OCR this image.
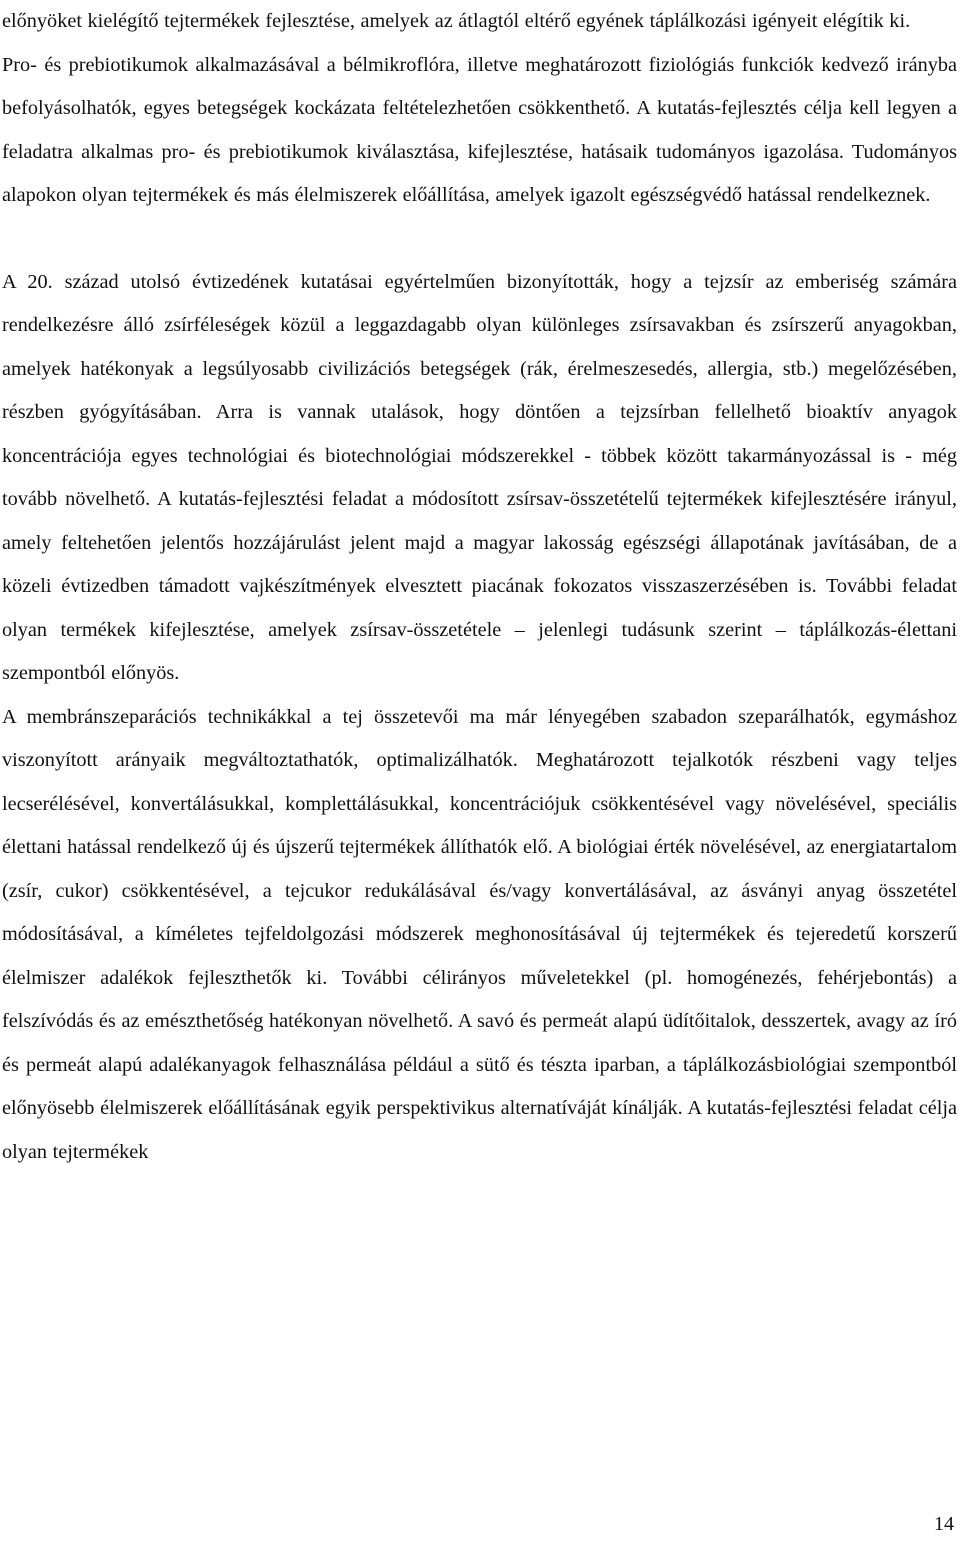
előnyöket kielégítő tejtermékek fejlesztése, amelyek az átlagtól eltérő egyének táplálkozási igényeit elégítik ki.

Pro- és prebiotikumok alkalmazásával a bélmikroflóra, illetve meghatározott fiziológiás funkciók kedvező irányba befolyásolhatók, egyes betegségek kockázata feltételezhetően csökkenthető. A kutatás-fejlesztés célja kell legyen a feladatra alkalmas pro- és prebiotikumok kiválasztása, kifejlesztése, hatásaik tudományos igazolása. Tudományos alapokon olyan tejtermékek és más élelmiszerek előállítása, amelyek igazolt egészségvédő hatással rendelkeznek.

A 20. század utolsó évtizedének kutatásai egyértelműen bizonyították, hogy a tejzsír az emberiség számára rendelkezésre álló zsírféleségek közül a leggazdagabb olyan különleges zsírsavakban és zsírszerű anyagokban, amelyek hatékonyak a legsúlyosabb civilizációs betegségek (rák, érelmeszesedés, allergia, stb.) megelőzésében, részben gyógyításában. Arra is vannak utalások, hogy döntően a tejzsírban fellelhető bioaktív anyagok koncentrációja egyes technológiai és biotechnológiai módszerekkel - többek között takarmányozással is - még tovább növelhető. A kutatás-fejlesztési feladat a módosított zsírsav-összetételű tejtermékek kifejlesztésére irányul, amely feltehetően jelentős hozzájárulást jelent majd a magyar lakosság egészségi állapotának javításában, de a közeli évtizedben támadott vajkészítmények elvesztett piacának fokozatos visszaszerzésében is. További feladat olyan termékek kifejlesztése, amelyek zsírsav-összetétele – jelenlegi tudásunk szerint – táplálkozás-élettani szempontból előnyös.

A membránszeparációs technikákkal a tej összetevői ma már lényegében szabadon szeparálhatók, egymáshoz viszonyított arányaik megváltoztathatók, optimalizálhatók. Meghatározott tejalkotók részbeni vagy teljes lecserélésével, konvertálásukkal, komplettálásukkal, koncentrációjuk csökkentésével vagy növelésével, speciális élettani hatással rendelkező új és újszerű tejtermékek állíthatók elő. A biológiai érték növelésével, az energiatartalom (zsír, cukor) csökkentésével, a tejcukor redukálásával és/vagy konvertálásával, az ásványi anyag összetétel módosításával, a kíméletes tejfeldolgozási módszerek meghonosításával új tejtermékek és tejeredetű korszerű élelmiszer adalékok fejleszthetők ki. További célirányos műveletekkel (pl. homogénezés, fehérjebontás) a felszívódás és az emészthetőség hatékonyan növelhető. A savó és permeát alapú üdítőitalok, desszertek, avagy az író és permeát alapú adalékanyagok felhasználása például a sütő és tészta iparban, a táplálkozásbiológiai szempontból előnyösebb élelmiszerek előállításának egyik perspektivikus alternatíváját kínálják. A kutatás-fejlesztési feladat célja olyan tejtermékek

14
